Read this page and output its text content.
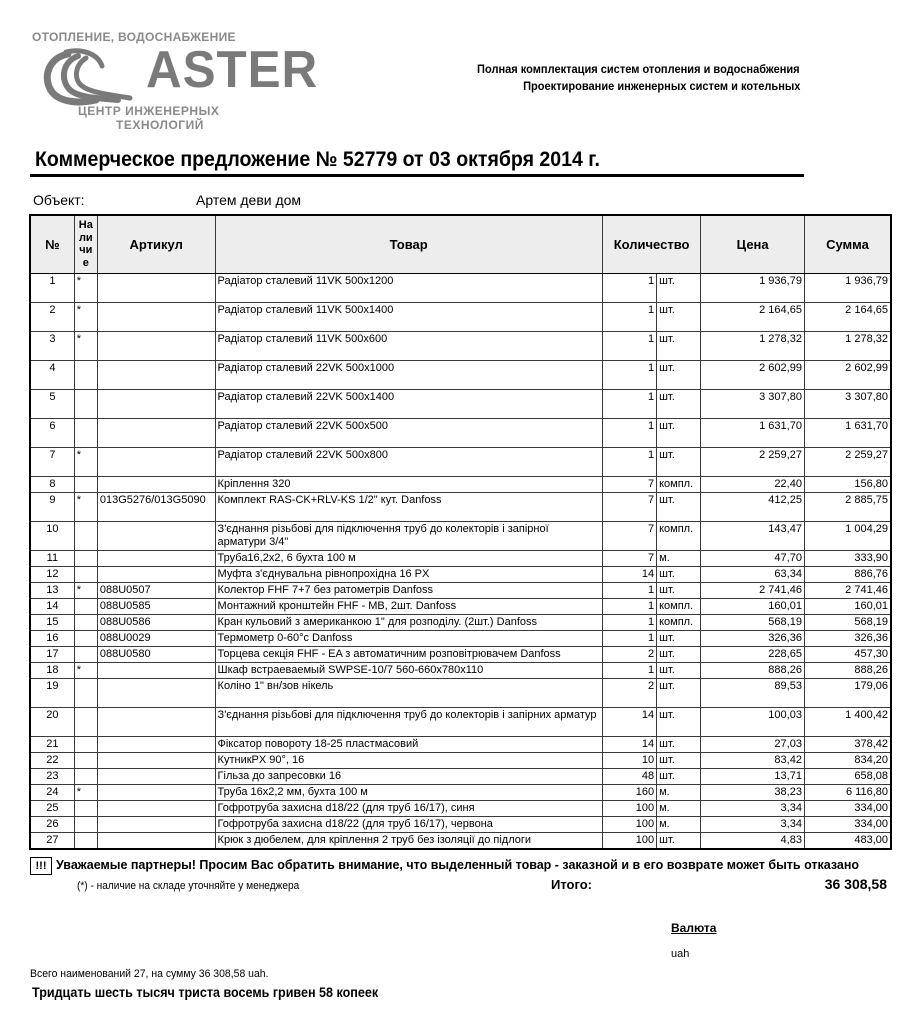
ОТОПЛЕНИЕ, ВОДОСНАБЖЕНИЕ
ASTER
ЦЕНТР ИНЖЕНЕРНЫХ
ТЕХНОЛОГИЙ
Полная комплектация систем отопления и водоснабжения
Проектирование инженерных систем и котельных
Коммерческое предложение № 52779 от 03 октября 2014 г.
Объект:	Артем деви дом
№	На
ли
чи
е	Артикул	Товар	Количество		Цена	Сумма
1	*		Радіатор сталевий 11VK 500x1200	1	шт.	1 936,79	1 936,79
2	*		Радіатор сталевий 11VK 500x1400	1	шт.	2 164,65	2 164,65
3	*		Радіатор сталевий 11VK 500x600	1	шт.	1 278,32	1 278,32
4			Радіатор сталевий 22VK 500x1000	1	шт.	2 602,99	2 602,99
5			Радіатор сталевий 22VK 500x1400	1	шт.	3 307,80	3 307,80
6			Радіатор сталевий 22VK 500x500	1	шт.	1 631,70	1 631,70
7	*		Радіатор сталевий 22VK 500x800	1	шт.	2 259,27	2 259,27
8			Кріплення 320	7	компл.	22,40	156,80
9	*	013G5276/013G5090	Комплект RAS-CK+RLV-KS 1/2" кут. Danfoss	7	шт.	412,25	2 885,75
10			З'єднання різьбові для підключення труб до колекторів і запірної арматури 3/4"	7	компл.	143,47	1 004,29
11			Труба16,2x2, 6 бухта 100 м	7	м.	47,70	333,90
12			Муфта з'єднувальна рівнопрохідна 16 PX	14	шт.	63,34	886,76
13	*	088U0507	Колектор FHF 7+7 без ратометрів Danfoss	1	шт.	2 741,46	2 741,46
14		088U0585	Монтажний кронштейн FHF - MB, 2шт. Danfoss	1	компл.	160,01	160,01
15		088U0586	Кран кульовий з американкою 1" для розподілу. (2шт.) Danfoss	1	компл.	568,19	568,19
16		088U0029	Термометр 0-60°с Danfoss	1	шт.	326,36	326,36
17		088U0580	Торцева секція FHF - EA з автоматичним розповітрювачем Danfoss	2	шт.	228,65	457,30
18	*		Шкаф встраеваемый SWPSE-10/7 560-660x780x110	1	шт.	888,26	888,26
19			Коліно 1" вн/зов нікель	2	шт.	89,53	179,06
20			З'єднання різьбові для підключення труб до колекторів і запірних арматур	14	шт.	100,03	1 400,42
21			Фіксатор повороту 18-25 пластмасовий	14	шт.	27,03	378,42
22			КутникPX 90°, 16	10	шт.	83,42	834,20
23			Гільза до запресовки 16	48	шт.	13,71	658,08
24	*		Труба 16x2,2 мм, бухта 100 м	160	м.	38,23	6 116,80
25			Гофротруба захисна d18/22 (для труб 16/17), синя	100	м.	3,34	334,00
26			Гофротруба захисна d18/22 (для труб 16/17), червона	100	м.	3,34	334,00
27			Крюк з дюбелем, для кріплення 2 труб без ізоляції до підлоги	100	шт.	4,83	483,00
!!! Уважаемые партнеры! Просим Вас обратить внимание, что выделенный товар - заказной и в его возврате может быть отказано
(*) - наличие на складе уточняйте у менеджера	Итого:	36 308,58
Валюта
uah
Всего наименований 27, на сумму 36 308,58 uah.
Тридцать шесть тысяч триста восемь гривен 58 копеек
